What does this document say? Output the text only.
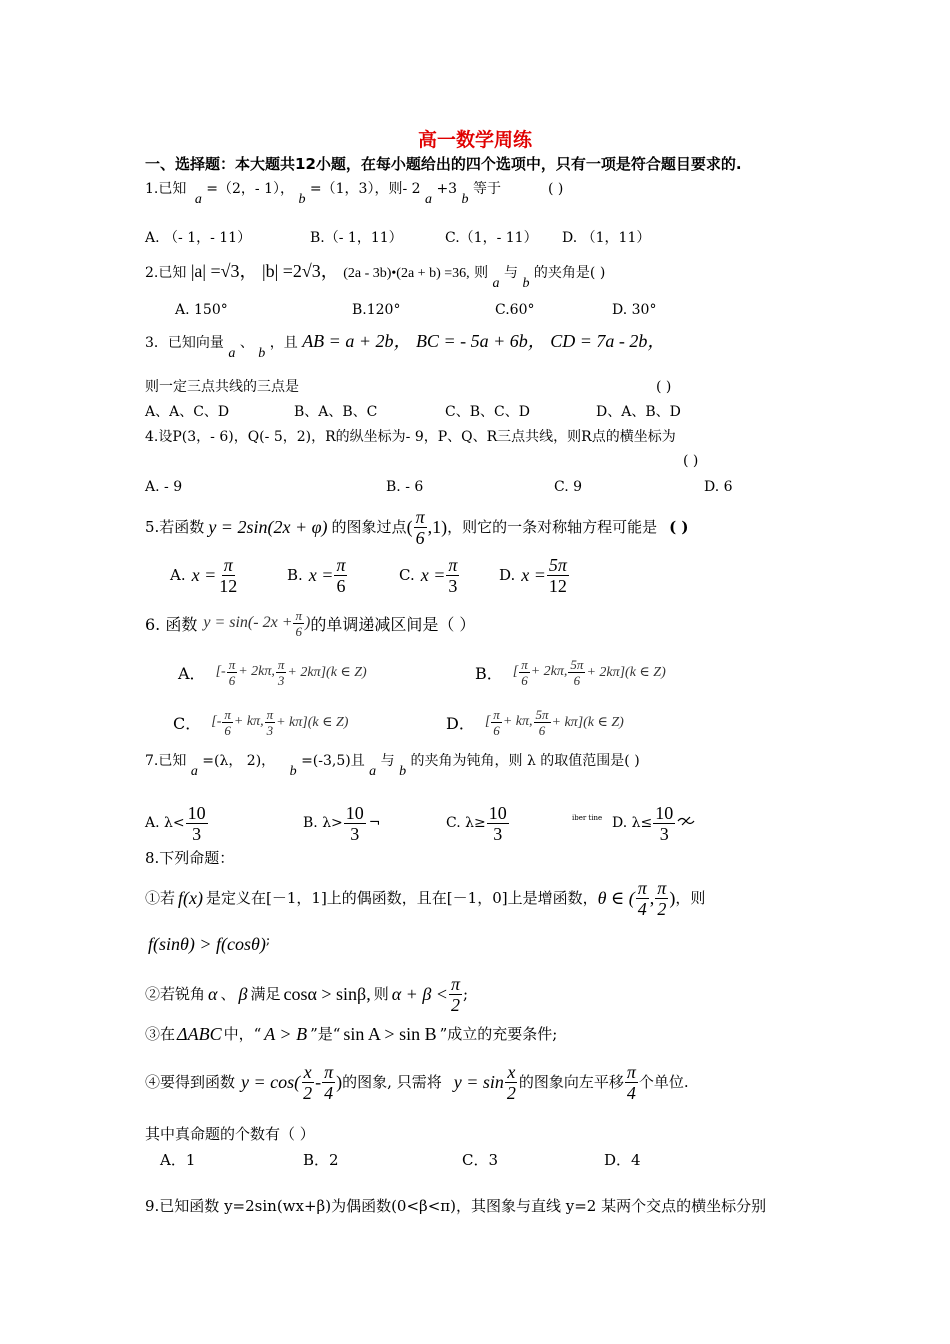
高一数学周练
一、选择题：本大题共12小题，在每小题给出的四个选项中，只有一项是符合题目要求的.
1.已知 a =（2，- 1）， b =（1，3），则- 2 a +3 b 等于	( )
A. （- 1，- 11）	B.（- 1，11）	C.（1，- 11） D. （1，11）
2.已知 |a| =√3， |b| =2√3， (2a - 3b)•(2a + b) =36, 则 a 与 b 的夹角是( )
A. 150°	B.120°	C.60°	D. 30°
3．已知向量 a 、 b ，且 AB = a + 2b， BC = - 5a + 6b， CD = 7a - 2b，
则一定三点共线的三点是	( )
A、A、C、D	B、A、B、C	C、B、C、D	D、A、B、D
4.设P(3，- 6)，Q(- 5，2)，R的纵坐标为- 9，P、Q、R三点共线，则R点的横坐标为
( )
A. - 9	B. - 6	C. 9	D. 6
5.若函数 y = 2sin(2x + φ) 的图象过点 ( $\frac{\pi}{6} ,1$) ，则它的一条对称轴方程可能是 ( )
A. $x = \frac{\pi}{12}$	B. $x = \frac{\pi}{6}$	C. $x = \frac{\pi}{3}$	D. $x = \frac{5\pi}{12}$
6. 函数 y = sin(- $2x + \frac{\pi}{6}$ ) 的单调递减区间是（ ）
A． [- $\frac{\pi}{6} + 2k\pi$, $\frac{\pi}{3} + 2k\pi](k$ ∈ Z)	B． [ $\frac{\pi}{6} + 2k\pi$, $\frac{5\pi}{6} + 2k\pi](k$ ∈ Z)
C． [- $\frac{\pi}{6} + k\pi$, $\frac{\pi}{3} + k\pi](k$ ∈ Z)	D． [ $\frac{\pi}{6} + k\pi$, $\frac{5\pi}{6} + k\pi](k$ ∈ Z)
7.已知 a =(λ， 2)， b =(-3,5)且 a 与 b 的夹角为钝角，则 λ 的取值范围是( )
A. $\lambda< \frac{10}{3}$	B. $\lambda> \frac{10}{3}$ ¬	C. $\lambda\ge \frac{10}{3}$	iber tine D. $\lambda\le \frac{10}{3}$
8.下列命题：
①若 f(x) 是定义在[－1，1]上的偶函数，且在[－1，0]上是增函数， θ ∈ ( $\frac{\pi}{4}$ , $\frac{\pi}{2}$ ) ，则
f(sinθ) > f(cosθ);
②若锐角 α 、 β 满足 cosα > sinβ, 则 $\alpha + \beta < \frac{\pi}{2}$ ;
③在 ΔABC 中，“ A > B ”是“ sin A > sin B ”成立的充要条件;
④要得到函数 $y = \cos( \frac{x}{2} - \frac{\pi}{4}$ ) 的图象, 只需将 $y = \sin \frac{x}{2}$ 的图象向左平移 $\frac{\pi}{4}$ 个单位.
其中真命题的个数有（ ）
A．1	B．2	C．3	D．4
9.已知函数 y=2sin(wx+β)为偶函数(0<β<π)，其图象与直线 y=2 某两个交点的横坐标分别
